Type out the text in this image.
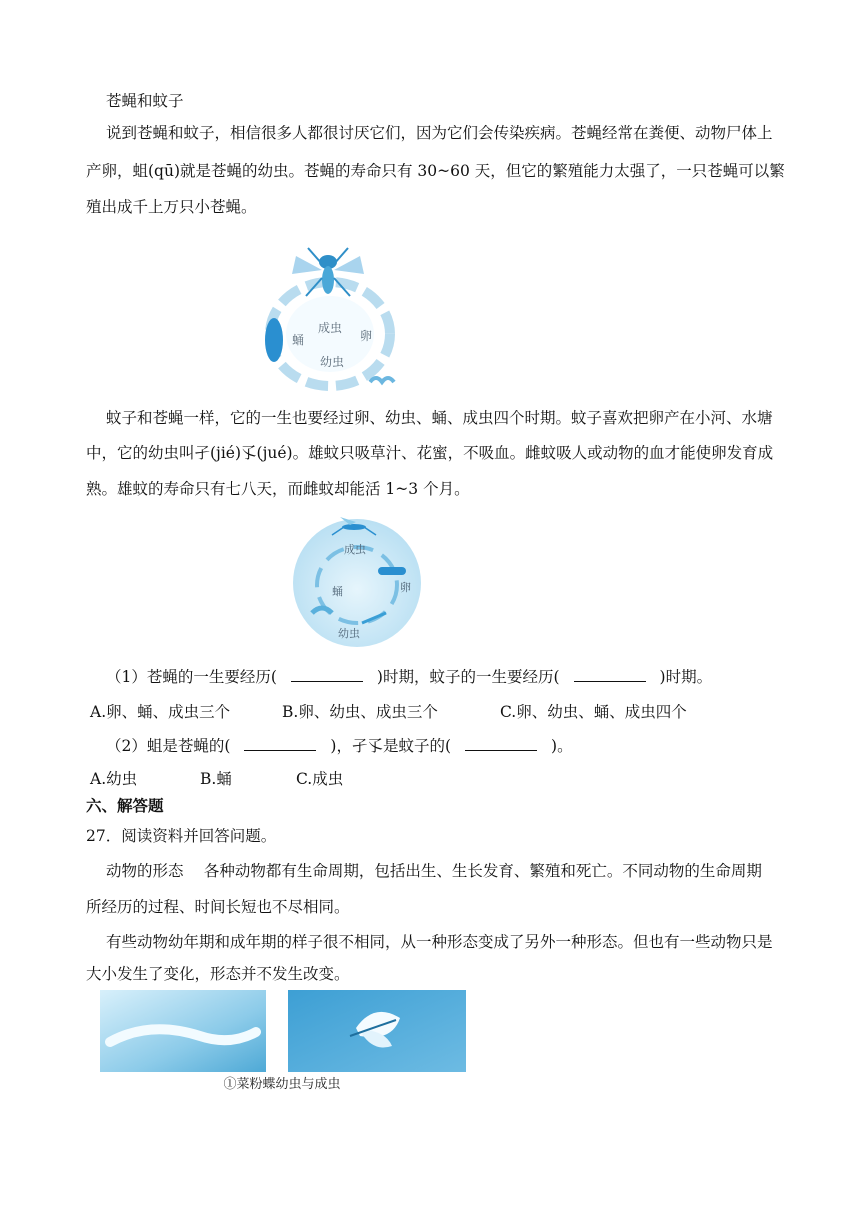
苍蝇和蚊子

说到苍蝇和蚊子，相信很多人都很讨厌它们，因为它们会传染疾病。苍蝇经常在粪便、动物尸体上

产卵，蛆(qū)就是苍蝇的幼虫。苍蝇的寿命只有 30~60 天，但它的繁殖能力太强了，一只苍蝇可以繁

殖出成千上万只小苍蝇。

成虫
卵
幼虫
蛹

蚊子和苍蝇一样，它的一生也要经过卵、幼虫、蛹、成虫四个时期。蚊子喜欢把卵产在小河、水塘

中，它的幼虫叫孑(jié)孓(jué)。雄蚊只吸草汁、花蜜，不吸血。雌蚊吸人或动物的血才能使卵发育成

熟。雄蚊的寿命只有七八天，而雌蚊却能活 1~3 个月。

成虫
卵
蛹
幼虫

（1）苍蝇的一生要经历(	)时期，蚊子的一生要经历(	)时期。

A.卵、蛹、成虫三个	B.卵、幼虫、成虫三个	C.卵、幼虫、蛹、成虫四个

（2）蛆是苍蝇的(	)，孑孓是蚊子的(	)。

A.幼虫	B.蛹	C.成虫

六、解答题

27．阅读资料并回答问题。

动物的形态　 各种动物都有生命周期，包括出生、生长发育、繁殖和死亡。不同动物的生命周期

所经历的过程、时间长短也不尽相同。

有些动物幼年期和成年期的样子很不相同，从一种形态变成了另外一种形态。但也有一些动物只是

大小发生了变化，形态并不发生改变。

①菜粉蝶幼虫与成虫
